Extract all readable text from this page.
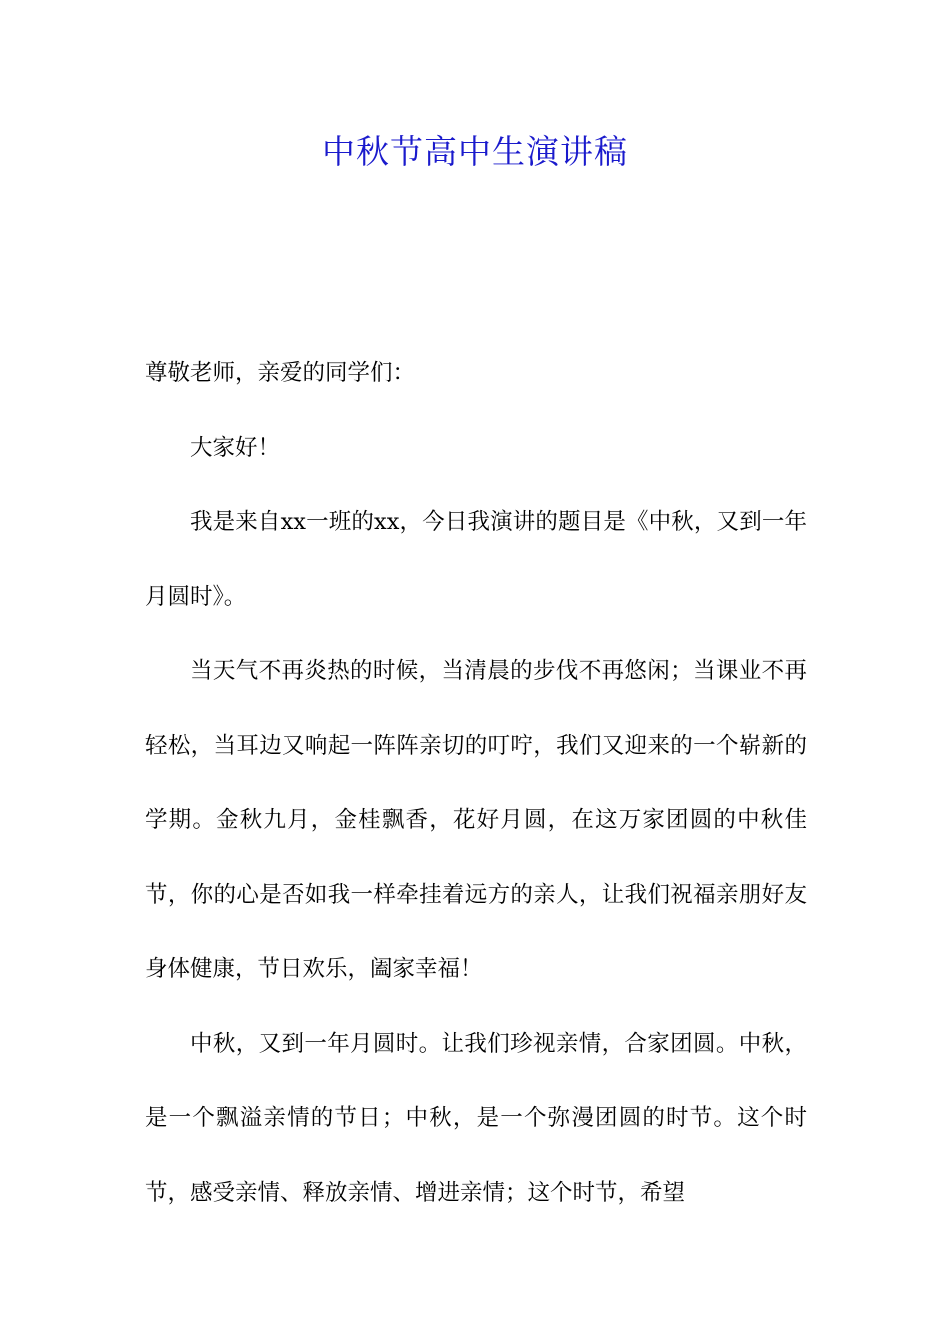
中秋节高中生演讲稿

尊敬老师，亲爱的同学们：

大家好！

我是来自xx一班的xx，今日我演讲的题目是《中秋，又到一年月圆时》。

当天气不再炎热的时候，当清晨的步伐不再悠闲；当课业不再轻松，当耳边又响起一阵阵亲切的叮咛，我们又迎来的一个崭新的学期。金秋九月，金桂飘香，花好月圆，在这万家团圆的中秋佳节，你的心是否如我一样牵挂着远方的亲人，让我们祝福亲朋好友身体健康，节日欢乐，阖家幸福！

中秋，又到一年月圆时。让我们珍视亲情，合家团圆。中秋，是一个飘溢亲情的节日；中秋，是一个弥漫团圆的时节。这个时节，感受亲情、释放亲情、增进亲情；这个时节，希望
